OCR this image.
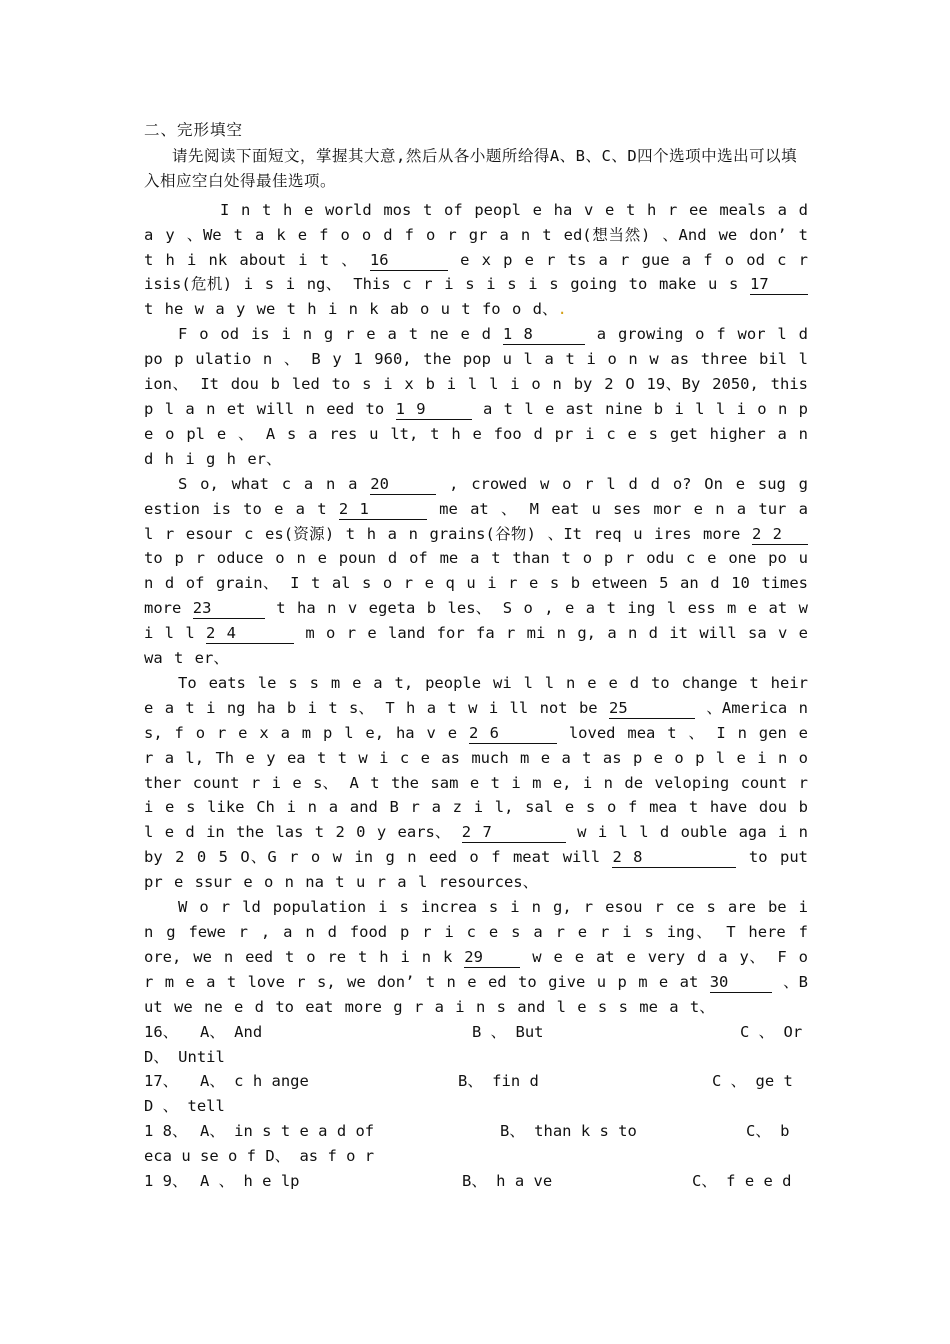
二、完形填空

请先阅读下面短文，掌握其大意,然后从各小题所给得A、B、C、D四个选项中选出可以填入相应空白处得最佳选项。

I n t h e world mos t of peopl e ha v e t h r ee meals a d a y 、We t a k e f o o d f o r gr a n t ed(想当然) 、And we don’ t t h i nk about i t 、 16	e x p e r ts a r gue a f o od c r isis(危机) i s i ng、 This c r i s i s i s going to make u s 17 t he w a y we t h i n k ab o u t fo o d、.

F o od is i n g r e a t ne e d 1 8	a growing o f wor l d po p ulatio n 、 B y 1 960, the pop u l a t i o n w as three bil l ion、 It dou b led to s i x b i l l i o n by 2 O 19、By 2050, this p l a n et will n eed to 1 9	a t l e ast nine b i l l i o n p e o pl e 、 A s a res u lt, t h e foo d pr i c e s get higher a n d h i g h er、

S o, what c a n a 20	, crowed w o r l d d o? On e sug g estion is to e a t 2 1	me at 、 M eat u ses mor e n a tur a l r esour c es(资源) t h a n grains(谷物) 、It req u ires more 2 2 to p r oduce o n e poun d of me a t than t o p r odu c e one po u n d of grain、 I t al s o r e q u i r e s b etween 5 an d 10 times more 23	t ha n v egeta b les、 S o , e a t ing l ess m e at w i l l 2 4	m o r e land for fa r mi n g, a n d it will sa v e wa t er、

To eats le s s m e a t, people wi l l n e e d to change t heir e a t i ng ha b i t s、 T h a t w i ll not be 25	、America n s, f o r e x a m p l e, ha v e 2 6	loved mea t 、 I n gen e r a l, Th e y ea t t w i c e as much m e a t as p e o p l e i n o ther count r i e s、 A t the sam e t i m e, i n de veloping count r i e s like Ch i n a and B r a z i l, sal e s o f mea t have dou b l e d in the las t 2 0 y ears、 2 7	w i l l d ouble aga i n by 2 0 5 O、G r o w in g n eed o f meat will 2 8	to put pr e ssur e o n na t u r a l resources、

W o r ld population i s increa s i n g, r esou r ce s are be i n g fewe r , a n d food p r i c e s a r e r i s ing、 T here f ore, we n eed t o re t h i n k 29	w e e at e very d a y、 F o r m e a t love r s, we don’ t n e ed to give u p m e at 30	、B ut we ne e d to eat more g r a i n s and l e s s me a t、

16、 A、 And	B 、 But	C 、 Or

D、 Until

17、 A、 c h ange	B、 fin d	C 、 ge t

D 、 tell

1 8、 A、 in s t e a d of	B、 than k s to	C、 b

eca u se o f D、 as f o r

1 9、 A 、 h e lp	B、 h a ve	C、 f e e d
